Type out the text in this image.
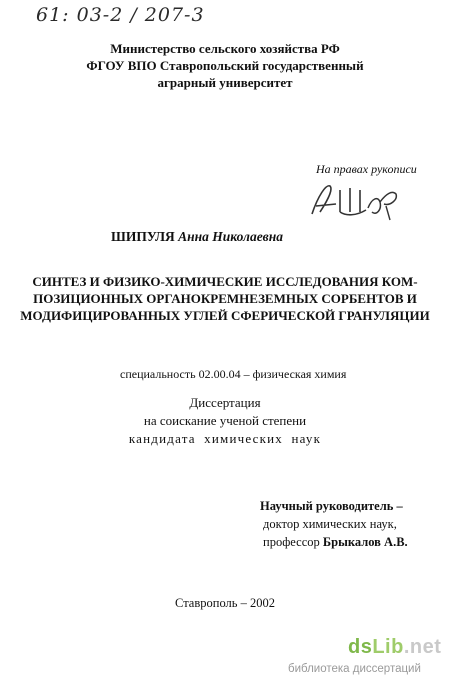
61: 03-2 / 207-3
Министерство сельского хозяйства РФ
ФГОУ ВПО Ставропольский государственный
аграрный университет
На правах рукописи
ШИПУЛЯ Анна Николаевна
СИНТЕЗ И ФИЗИКО-ХИМИЧЕСКИЕ ИССЛЕДОВАНИЯ КОМ-
ПОЗИЦИОННЫХ ОРГАНОКРЕМНЕЗЕМНЫХ СОРБЕНТОВ И
МОДИФИЦИРОВАННЫХ УГЛЕЙ СФЕРИЧЕСКОЙ ГРАНУЛЯЦИИ
специальность 02.00.04 – физическая химия
Диссертация
на соискание ученой степени
кандидата химических наук
Научный руководитель –
доктор химических наук,
профессор Брыкалов А.В.
Ставрополь – 2002
dsLib.net
библиотека диссертаций
